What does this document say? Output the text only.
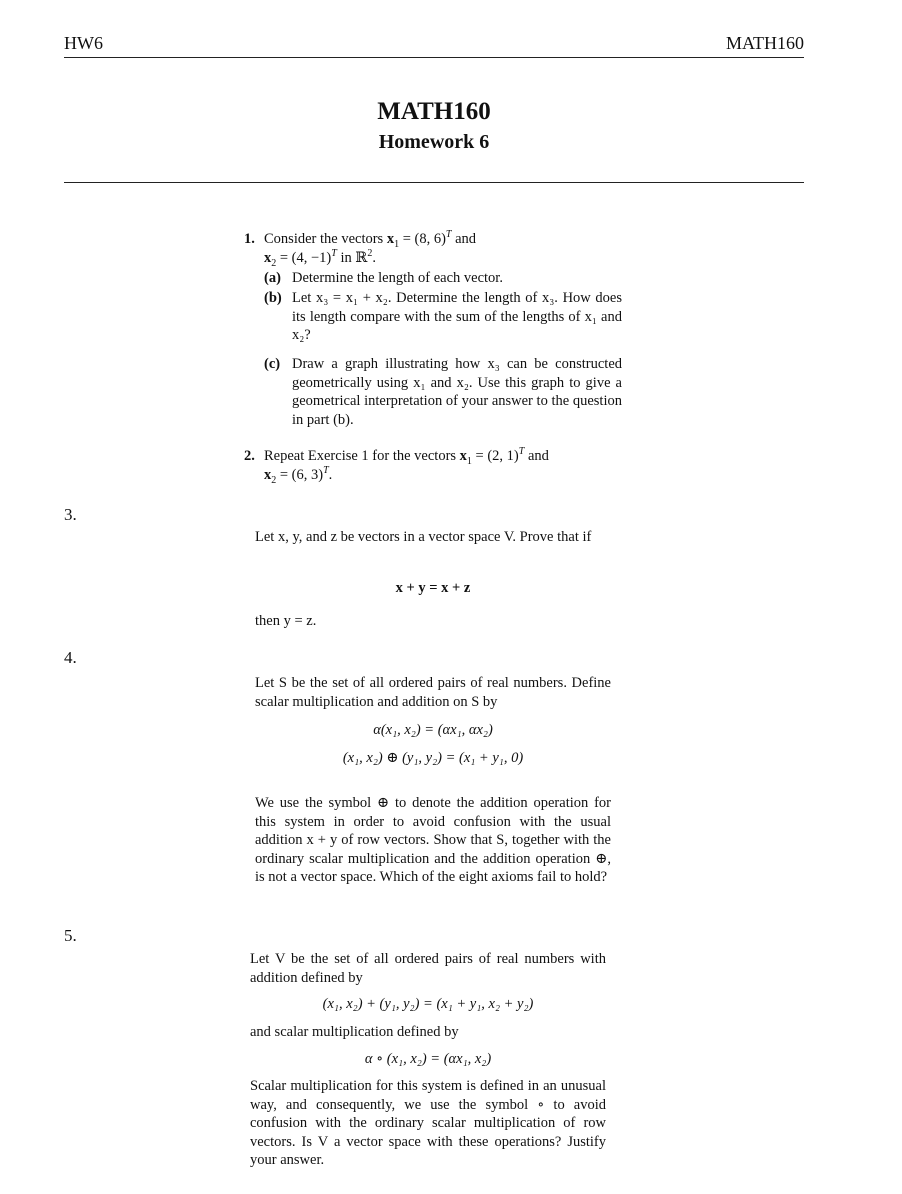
HW6	MATH160
MATH160
Homework 6
1. Consider the vectors $x_1 = (8$, 6)$^T$ and
$x_2 = (4$, −1)$^T$ in ℝ$^2$.
(a) Determine the length of each vector.
(b) Let x₃ = x₁ + x₂. Determine the length of x₃. How does its length compare with the sum of the lengths of x₁ and x₂?
(c) Draw a graph illustrating how x₃ can be constructed geometrically using x₁ and x₂. Use this graph to give a geometrical interpretation of your answer to the question in part (b).
2. Repeat Exercise 1 for the vectors $x_1 = (2$, 1)$^T$ and
$x_2 = (6$, 3)$^T$.
3.
Let x, y, and z be vectors in a vector space V. Prove that if
x + y = x + z
then y = z.
4.
Let S be the set of all ordered pairs of real numbers. Define scalar multiplication and addition on S by
α(x₁, x₂) = (αx₁, αx₂)
(x₁, x₂) ⊕ (y₁, y₂) = (x₁ + y₁, 0)
We use the symbol ⊕ to denote the addition operation for this system in order to avoid confusion with the usual addition x + y of row vectors. Show that S, together with the ordinary scalar multiplication and the addition operation ⊕, is not a vector space. Which of the eight axioms fail to hold?
5.
Let V be the set of all ordered pairs of real numbers with addition defined by
(x₁, x₂) + (y₁, y₂) = (x₁ + y₁, x₂ + y₂)
and scalar multiplication defined by
α ∘ (x₁, x₂) = (αx₁, x₂)
Scalar multiplication for this system is defined in an unusual way, and consequently, we use the symbol ∘ to avoid confusion with the ordinary scalar multiplication of row vectors. Is V a vector space with these operations? Justify your answer.
